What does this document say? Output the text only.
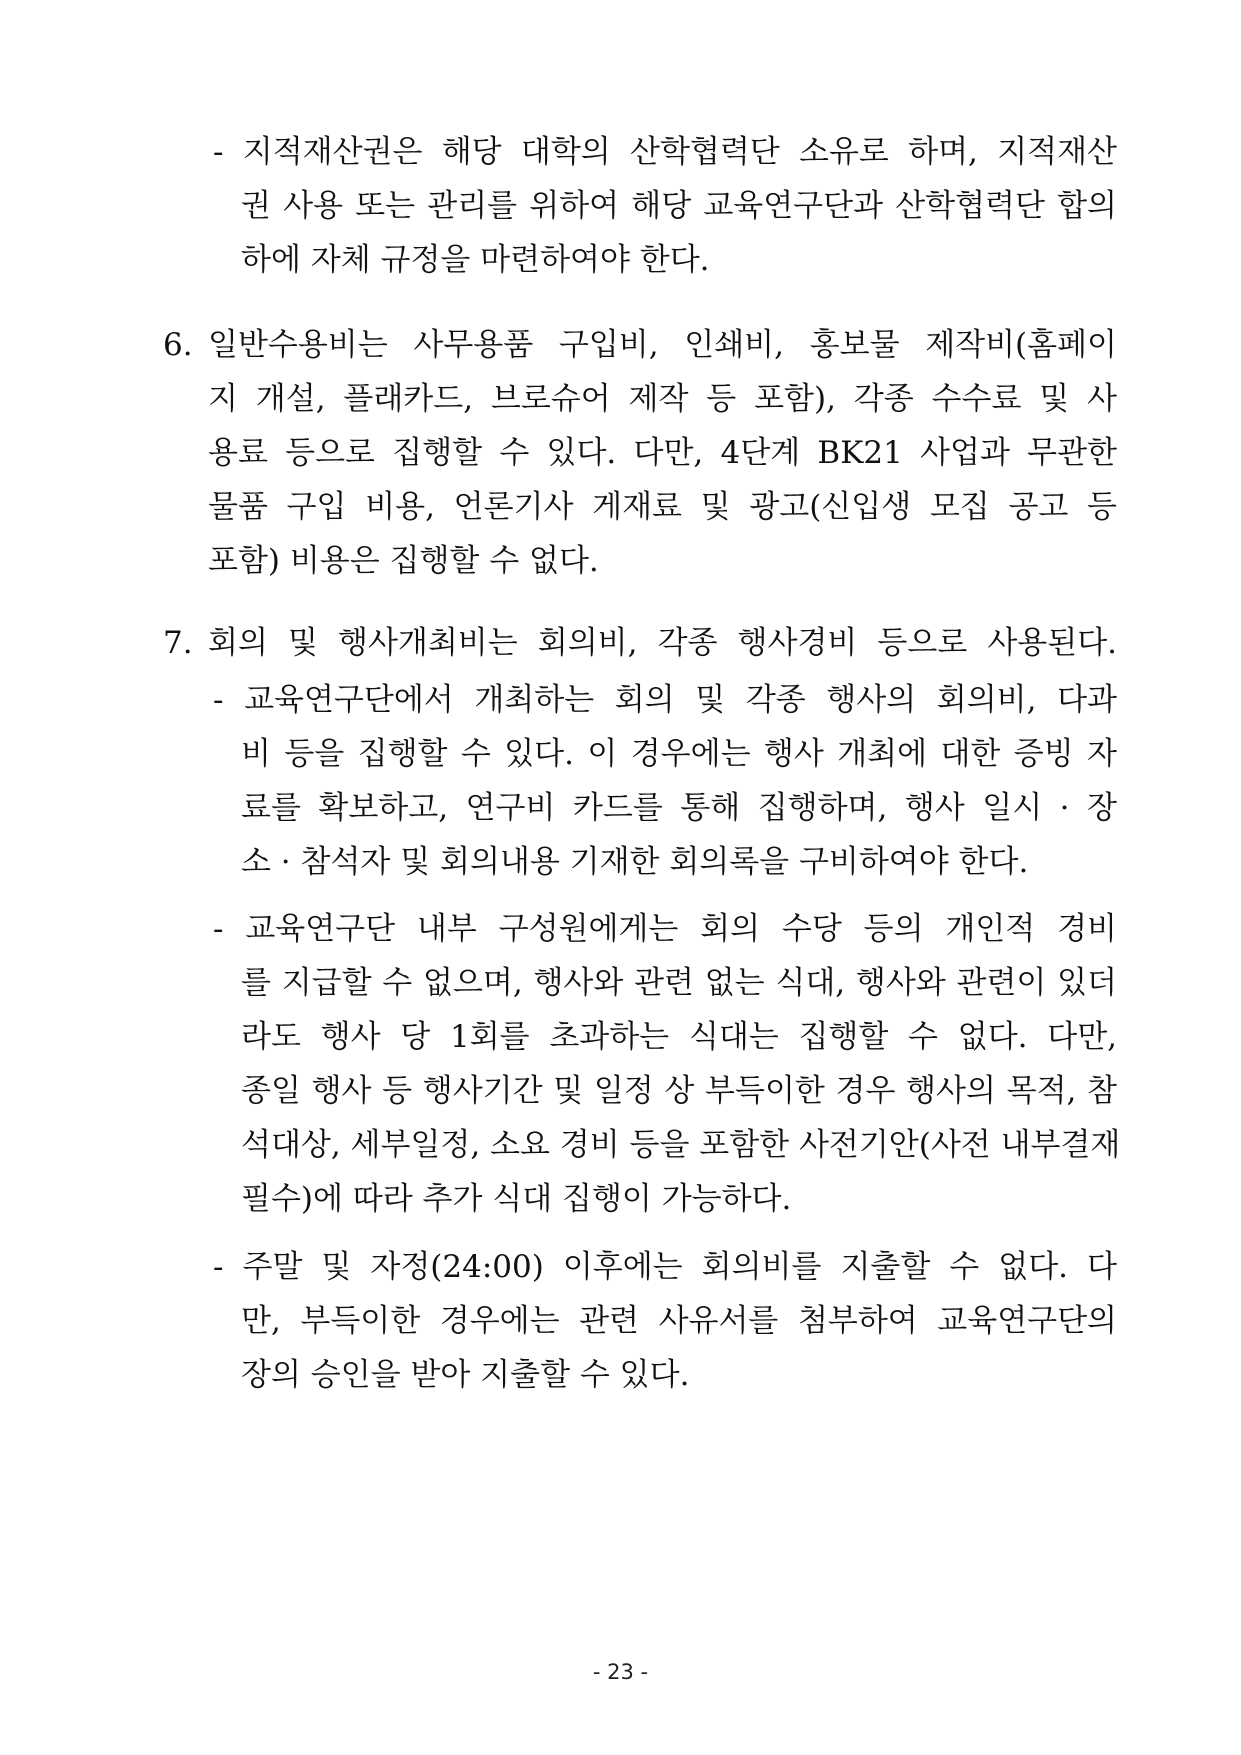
- 지적재산권은 해당 대학의 산학협력단 소유로 하며, 지적재산
권 사용 또는 관리를 위하여 해당 교육연구단과 산학협력단 합의
하에 자체 규정을 마련하여야 한다.
6. 일반수용비는 사무용품 구입비, 인쇄비, 홍보물 제작비(홈페이
지 개설, 플래카드, 브로슈어 제작 등 포함), 각종 수수료 및 사
용료 등으로 집행할 수 있다. 다만, 4단계 BK21 사업과 무관한
물품 구입 비용, 언론기사 게재료 및 광고(신입생 모집 공고 등
포함) 비용은 집행할 수 없다.
7. 회의 및 행사개최비는 회의비, 각종 행사경비 등으로 사용된다.
- 교육연구단에서 개최하는 회의 및 각종 행사의 회의비, 다과
비 등을 집행할 수 있다. 이 경우에는 행사 개최에 대한 증빙 자
료를 확보하고, 연구비 카드를 통해 집행하며, 행사 일시 · 장
소 · 참석자 및 회의내용 기재한 회의록을 구비하여야 한다.
- 교육연구단 내부 구성원에게는 회의 수당 등의 개인적 경비
를 지급할 수 없으며, 행사와 관련 없는 식대, 행사와 관련이 있더
라도 행사 당 1회를 초과하는 식대는 집행할 수 없다. 다만,
종일 행사 등 행사기간 및 일정 상 부득이한 경우 행사의 목적, 참
석대상, 세부일정, 소요 경비 등을 포함한 사전기안(사전 내부결재
필수)에 따라 추가 식대 집행이 가능하다.
- 주말 및 자정(24:00) 이후에는 회의비를 지출할 수 없다. 다
만, 부득이한 경우에는 관련 사유서를 첨부하여 교육연구단의
장의 승인을 받아 지출할 수 있다.
- 23 -
